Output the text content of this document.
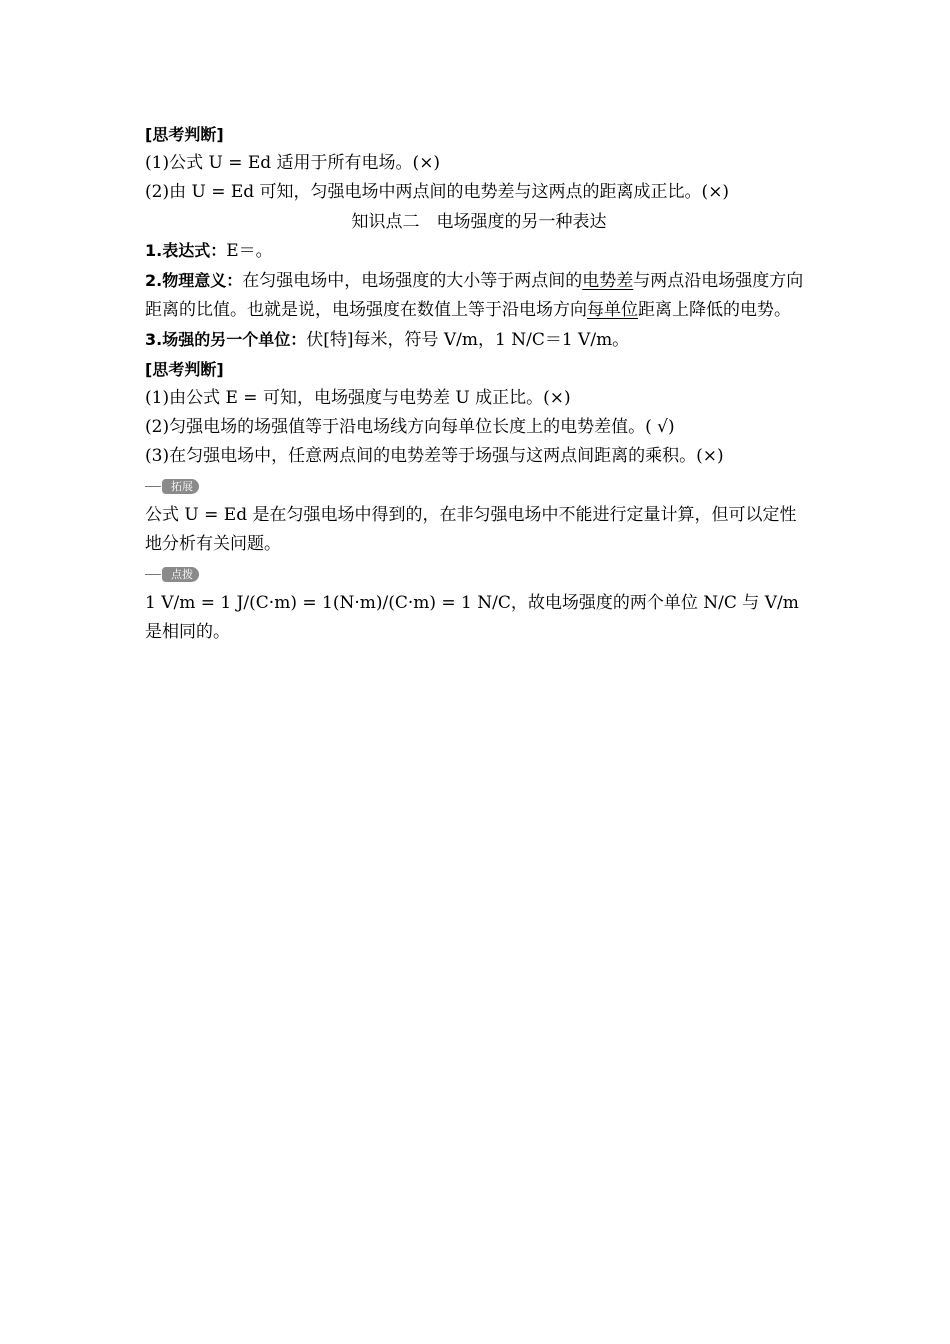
[思考判断]
(1)公式 U = Ed 适用于所有电场。(×)
(2)由 U = Ed 可知，匀强电场中两点间的电势差与这两点的距离成正比。(×)
知识点二　电场强度的另一种表达
1.表达式：E＝。
2.物理意义：在匀强电场中，电场强度的大小等于两点间的电势差与两点沿电场强度方向距离的比值。也就是说，电场强度在数值上等于沿电场方向每单位距离上降低的电势。
3.场强的另一个单位：伏[特]每米，符号 V/m，1 N/C＝1 V/m。
[思考判断]
(1)由公式 E = 可知，电场强度与电势差 U 成正比。(×)
(2)匀强电场的场强值等于沿电场线方向每单位长度上的电势差值。( √)
(3)在匀强电场中，任意两点间的电势差等于场强与这两点间距离的乘积。(×)
拓展
公式 U = Ed 是在匀强电场中得到的，在非匀强电场中不能进行定量计算，但可以定性地分析有关问题。
点拨
1 V/m = 1 J/(C·m) = 1(N·m)/(C·m) = 1 N/C，故电场强度的两个单位 N/C 与 V/m 是相同的。
